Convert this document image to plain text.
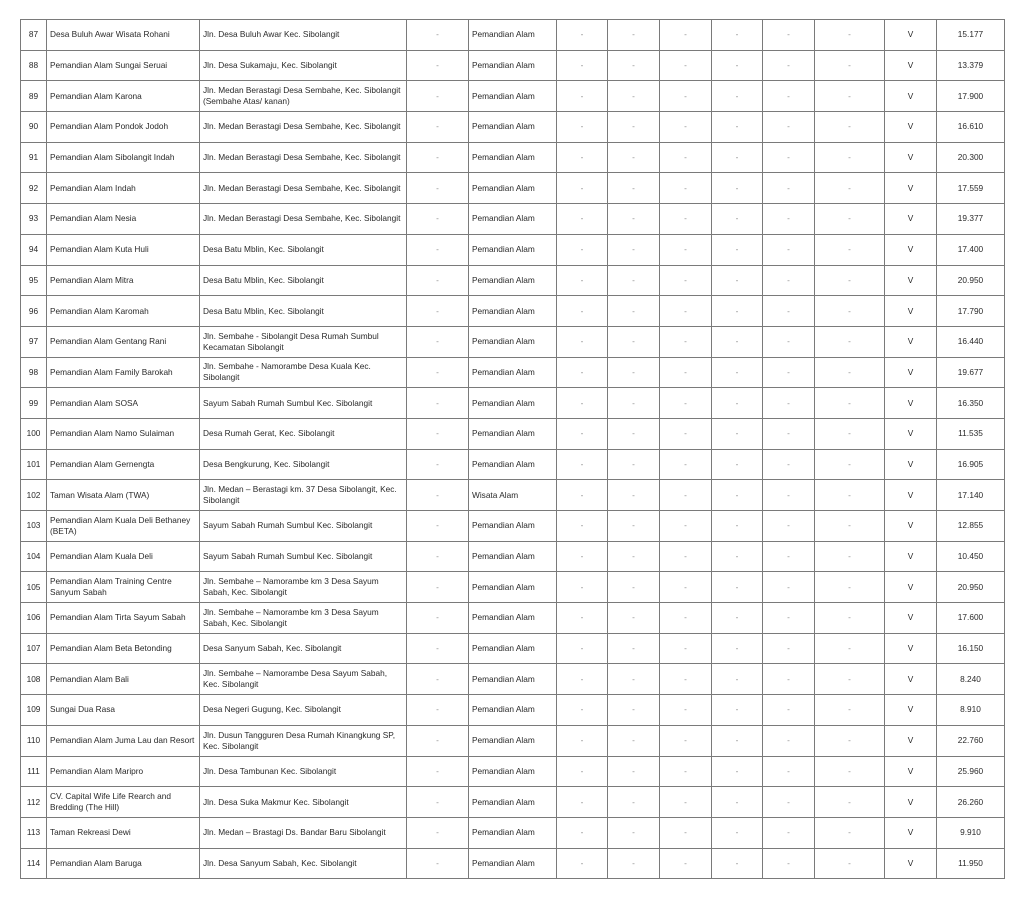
87	Desa Buluh Awar Wisata Rohani	Jln. Desa Buluh Awar Kec. Sibolangit	-	Pemandian Alam	-	-	-	-	-	-	V	15.177
88	Pemandian Alam Sungai Seruai	Jln. Desa Sukamaju, Kec. Sibolangit	-	Pemandian Alam	-	-	-	-	-	-	V	13.379
89	Pemandian Alam Karona	Jln. Medan Berastagi Desa Sembahe, Kec. Sibolangit (Sembahe Atas/ kanan)	-	Pemandian Alam	-	-	-	-	-	-	V	17.900
90	Pemandian Alam Pondok Jodoh	Jln. Medan Berastagi Desa Sembahe, Kec. Sibolangit	-	Pemandian Alam	-	-	-	-	-	-	V	16.610
91	Pemandian Alam Sibolangit Indah	Jln. Medan Berastagi Desa Sembahe, Kec. Sibolangit	-	Pemandian Alam	-	-	-	-	-	-	V	20.300
92	Pemandian Alam Indah	Jln. Medan Berastagi Desa Sembahe, Kec. Sibolangit	-	Pemandian Alam	-	-	-	-	-	-	V	17.559
93	Pemandian Alam Nesia	Jln. Medan Berastagi Desa Sembahe, Kec. Sibolangit	-	Pemandian Alam	-	-	-	-	-	-	V	19.377
94	Pemandian Alam Kuta Huli	Desa Batu Mblin, Kec. Sibolangit	-	Pemandian Alam	-	-	-	-	-	-	V	17.400
95	Pemandian Alam Mitra	Desa Batu Mblin, Kec. Sibolangit	-	Pemandian Alam	-	-	-	-	-	-	V	20.950
96	Pemandian Alam Karomah	Desa Batu Mblin, Kec. Sibolangit	-	Pemandian Alam	-	-	-	-	-	-	V	17.790
97	Pemandian Alam Gentang Rani	Jln. Sembahe - Sibolangit Desa Rumah Sumbul Kecamatan Sibolangit	-	Pemandian Alam	-	-	-	-	-	-	V	16.440
98	Pemandian Alam Family Barokah	Jln. Sembahe - Namorambe Desa Kuala Kec. Sibolangit	-	Pemandian Alam	-	-	-	-	-	-	V	19.677
99	Pemandian Alam SOSA	Sayum Sabah Rumah Sumbul Kec. Sibolangit	-	Pemandian Alam	-	-	-	-	-	-	V	16.350
100	Pemandian Alam Namo Sulaiman	Desa Rumah Gerat, Kec. Sibolangit	-	Pemandian Alam	-	-	-	-	-	-	V	11.535
101	Pemandian Alam Gernengta	Desa Bengkurung, Kec. Sibolangit	-	Pemandian Alam	-	-	-	-	-	-	V	16.905
102	Taman Wisata Alam (TWA)	Jln. Medan – Berastagi km. 37 Desa Sibolangit, Kec. Sibolangit	-	Wisata Alam	-	-	-	-	-	-	V	17.140
103	Pemandian Alam Kuala Deli Bethaney (BETA)	Sayum Sabah Rumah Sumbul Kec. Sibolangit	-	Pemandian Alam	-	-	-	-	-	-	V	12.855
104	Pemandian Alam Kuala Deli	Sayum Sabah Rumah Sumbul Kec. Sibolangit	-	Pemandian Alam	-	-	-	-	-	-	V	10.450
105	Pemandian Alam Training Centre Sanyum Sabah	Jln. Sembahe – Namorambe km 3 Desa Sayum Sabah, Kec. Sibolangit	-	Pemandian Alam	-	-	-	-	-	-	V	20.950
106	Pemandian Alam Tirta Sayum Sabah	Jln. Sembahe – Namorambe km 3 Desa Sayum Sabah, Kec. Sibolangit	-	Pemandian Alam	-	-	-	-	-	-	V	17.600
107	Pemandian Alam Beta Betonding	Desa Sanyum Sabah, Kec. Sibolangit	-	Pemandian Alam	-	-	-	-	-	-	V	16.150
108	Pemandian Alam Bali	Jln. Sembahe – Namorambe Desa Sayum Sabah, Kec. Sibolangit	-	Pemandian Alam	-	-	-	-	-	-	V	8.240
109	Sungai Dua Rasa	Desa Negeri Gugung, Kec. Sibolangit	-	Pemandian Alam	-	-	-	-	-	-	V	8.910
110	Pemandian Alam Juma Lau dan Resort	Jln. Dusun Tangguren Desa Rumah Kinangkung SP, Kec. Sibolangit	-	Pemandian Alam	-	-	-	-	-	-	V	22.760
111	Pemandian Alam Maripro	Jln. Desa Tambunan Kec. Sibolangit	-	Pemandian Alam	-	-	-	-	-	-	V	25.960
112	CV. Capital Wife Life Rearch and Bredding (The Hill)	Jln. Desa Suka Makmur Kec. Sibolangit	-	Pemandian Alam	-	-	-	-	-	-	V	26.260
113	Taman Rekreasi Dewi	Jln. Medan – Brastagi Ds. Bandar Baru Sibolangit	-	Pemandian Alam	-	-	-	-	-	-	V	9.910
114	Pemandian Alam Baruga	Jln. Desa Sanyum Sabah, Kec. Sibolangit	-	Pemandian Alam	-	-	-	-	-	-	V	11.950
